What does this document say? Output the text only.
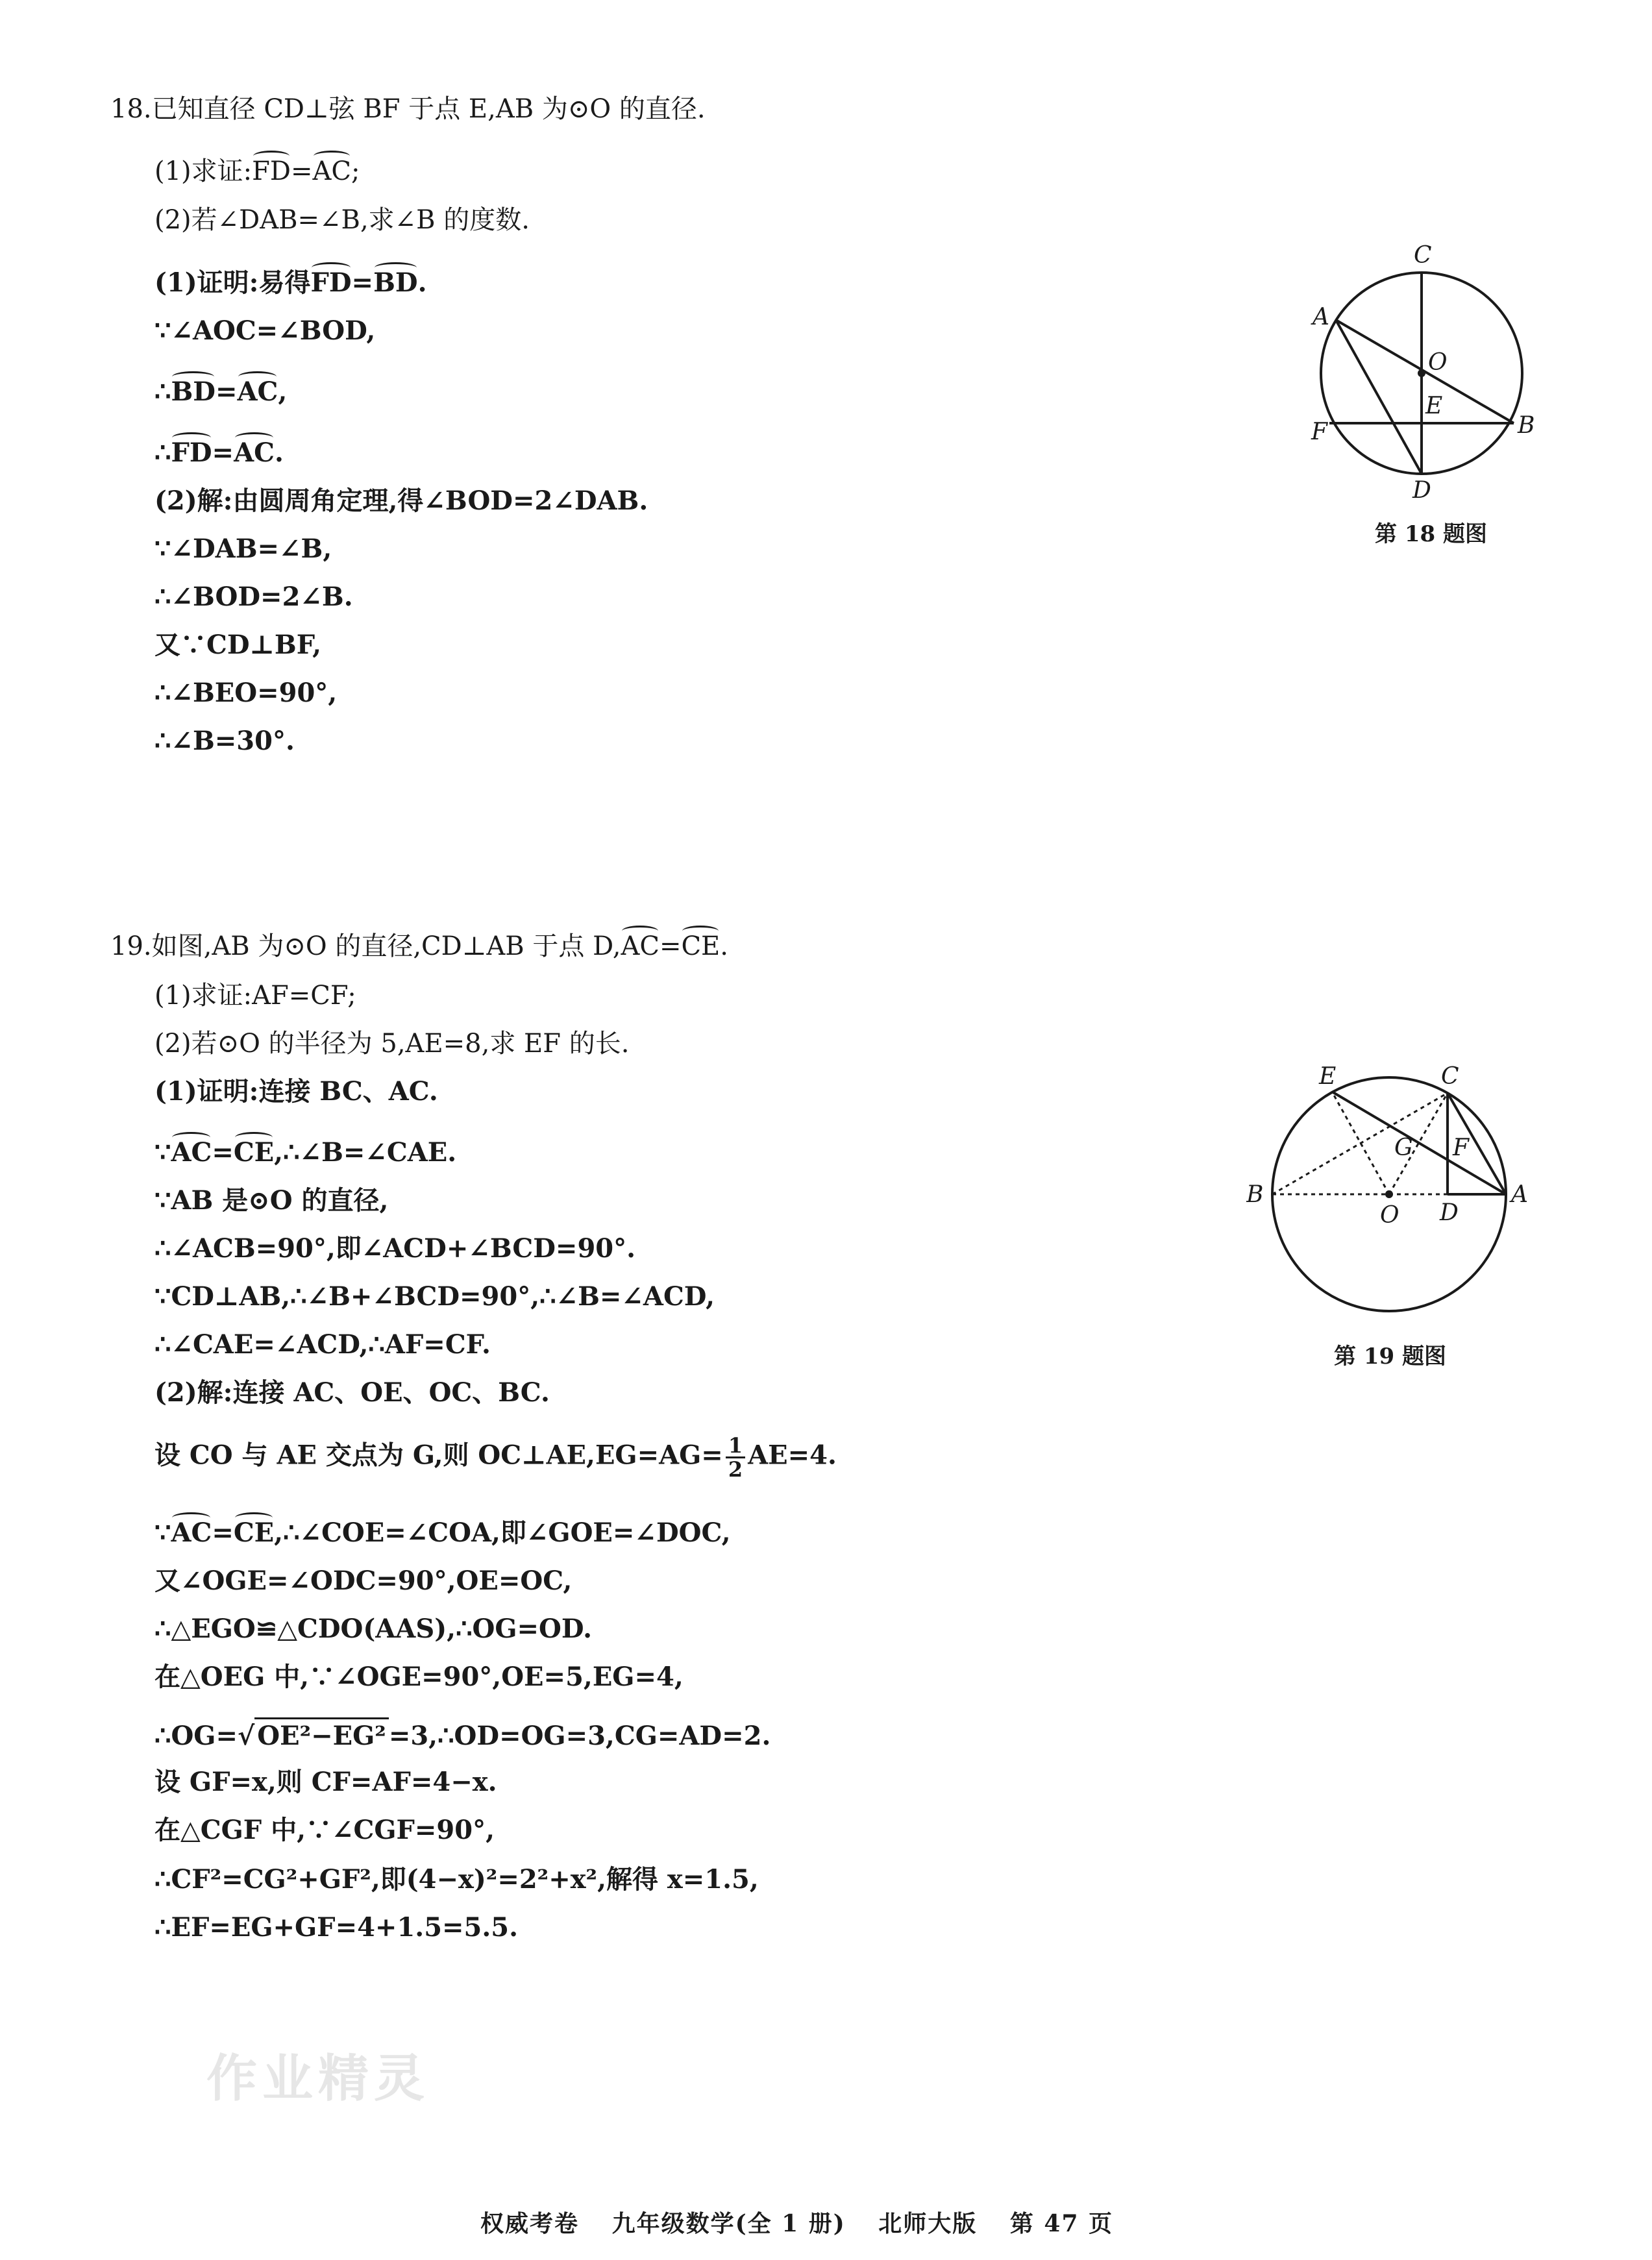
18.已知直径 CD⊥弦 BF 于点 E,AB 为⊙O 的直径.
(1)求证:FD=AC;
(2)若∠DAB=∠B,求∠B 的度数.
(1)证明:易得FD=BD.
∵∠AOC=∠BOD,
∴BD=AC,
∴FD=AC.
(2)解:由圆周角定理,得∠BOD=2∠DAB.
∵∠DAB=∠B,
∴∠BOD=2∠B.
又∵CD⊥BF,
∴∠BEO=90°,
∴∠B=30°.
C
A
O
E
F	B
D
第 18 题图
19.如图,AB 为⊙O 的直径,CD⊥AB 于点 D,AC=CE.
(1)求证:AF=CF;
(2)若⊙O 的半径为 5,AE=8,求 EF 的长.
(1)证明:连接 BC、AC.
∵AC=CE,∴∠B=∠CAE.
∵AB 是⊙O 的直径,
∴∠ACB=90°,即∠ACD+∠BCD=90°.
∵CD⊥AB,∴∠B+∠BCD=90°,∴∠B=∠ACD,
∴∠CAE=∠ACD,∴AF=CF.
(2)解:连接 AC、OE、OC、BC.
设 CO 与 AE 交点为 G,则 OC⊥AE,EG=AG= $\frac{1}{2} AE=4$.
∵AC=CE,∴∠COE=∠COA,即∠GOE=∠DOC,
又∠OGE=∠ODC=90°,OE=OC,
∴△EGO≌△CDO(AAS),∴OG=OD.
在△OEG 中,∵∠OGE=90°,OE=5,EG=4,
∴OG=√ OE²−EG² =3,∴OD=OG=3,CG=AD=2.
设 GF=x,则 CF=AF=4−x.
在△CGF 中,∵∠CGF=90°,
∴CF²=CG²+GF²,即(4−x)²=2²+x²,解得 x=1.5,
∴EF=EG+GF=4+1.5=5.5.
E	C
G F
B
O D
A
第 19 题图
作业精灵
权威考卷 九年级数学(全 1 册) 北师大版 第 47 页
